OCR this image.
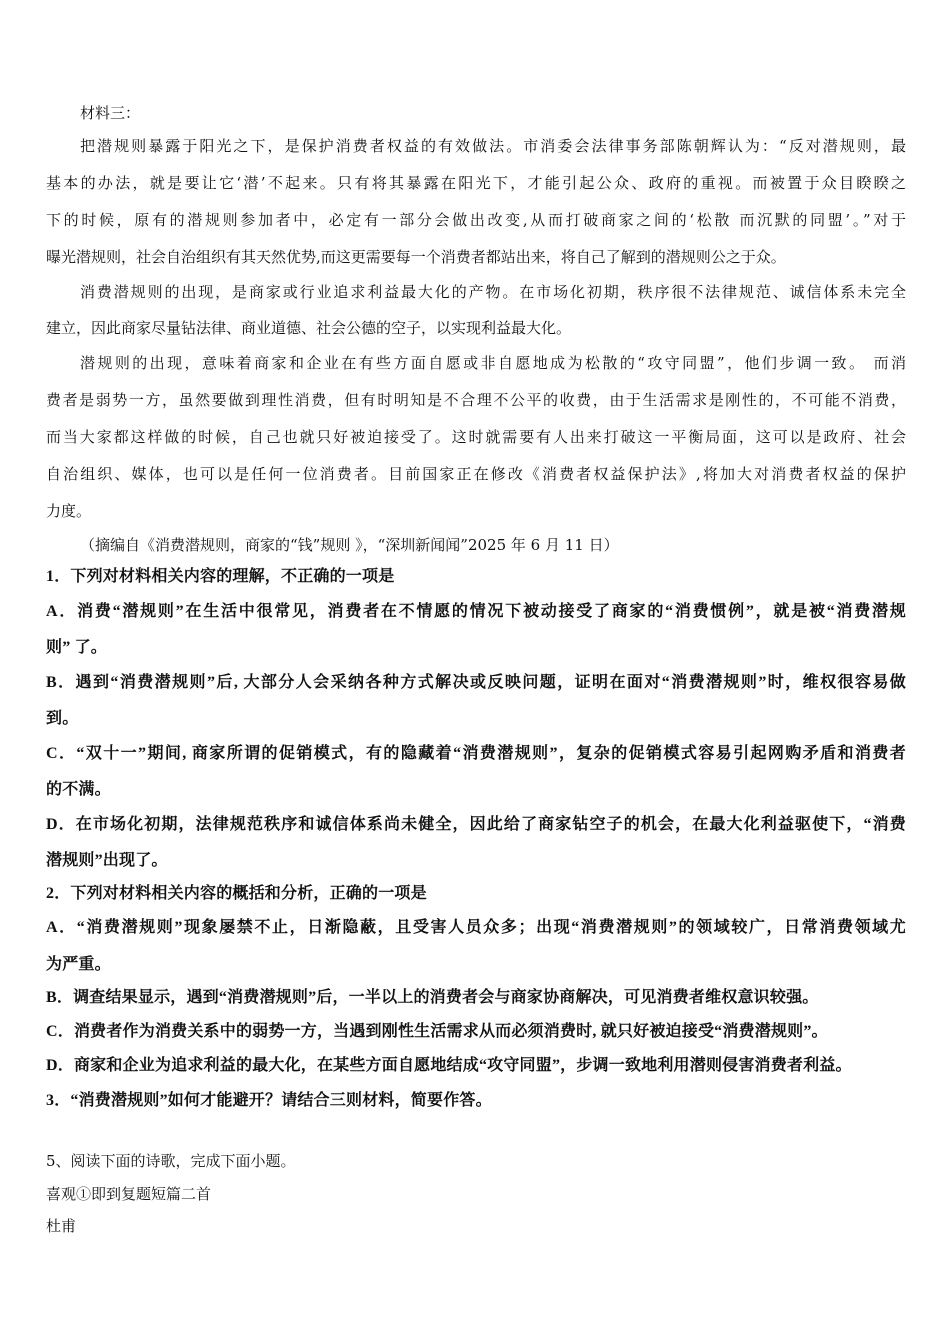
材料三：
把潜规则暴露于阳光之下，是保护消费者权益的有效做法。市消委会法律事务部陈朝辉认为：“反对潜规则，最
基本的办法，就是要让它‘潜’不起来。只有将其暴露在阳光下，才能引起公众、政府的重视。而被置于众目睽睽之
下的时候，原有的潜规则参加者中，必定有一部分会做出改变,从而打破商家之间的‘松散 而沉默的同盟’。”对于
曝光潜规则，社会自治组织有其天然优势,而这更需要每一个消费者都站出来，将自己了解到的潜规则公之于众。
消费潜规则的出现，是商家或行业追求利益最大化的产物。在市场化初期，秩序很不法律规范、诚信体系未完全
建立，因此商家尽量钻法律、商业道德、社会公德的空子，以实现利益最大化。
潜规则的出现，意味着商家和企业在有些方面自愿或非自愿地成为松散的“攻守同盟”，他们步调一致。 而消
费者是弱势一方，虽然要做到理性消费，但有时明知是不合理不公平的收费，由于生活需求是刚性的，不可能不消费，
而当大家都这样做的时候，自己也就只好被迫接受了。这时就需要有人出来打破这一平衡局面，这可以是政府、社会
自治组织、媒体，也可以是任何一位消费者。目前国家正在修改《消费者权益保护法》,将加大对消费者权益的保护
力度。
（摘编自《消费潜规则，商家的“钱”规则 》，“深圳新闻闻”2025 年 6 月 11 日）
1．下列对材料相关内容的理解，不正确的一项是
A．消费“潜规则”在生活中很常见，消费者在不情愿的情况下被动接受了商家的“消费惯例”，就是被“消费潜规
则” 了。
B．遇到“消费潜规则”后, 大部分人会采纳各种方式解决或反映问题，证明在面对“消费潜规则”时，维权很容易做
到。
C．“双十一”期间, 商家所谓的促销模式，有的隐藏着“消费潜规则”，复杂的促销模式容易引起网购矛盾和消费者
的不满。
D．在市场化初期，法律规范秩序和诚信体系尚未健全，因此给了商家钻空子的机会，在最大化利益驱使下，“消费
潜规则”出现了。
2．下列对材料相关内容的概括和分析，正确的一项是
A．“消费潜规则”现象屡禁不止，日渐隐蔽，且受害人员众多；出现“消费潜规则”的领域较广，日常消费领域尤
为严重。
B．调查结果显示，遇到“消费潜规则”后，一半以上的消费者会与商家协商解决，可见消费者维权意识较强。
C．消费者作为消费关系中的弱势一方，当遇到刚性生活需求从而必须消费时, 就只好被迫接受“消费潜规则”。
D．商家和企业为追求利益的最大化，在某些方面自愿地结成“攻守同盟”，步调一致地利用潜则侵害消费者利益。
3．“消费潜规则”如何才能避开？请结合三则材料，简要作答。
5、阅读下面的诗歌，完成下面小题。
喜观①即到复题短篇二首
杜甫
